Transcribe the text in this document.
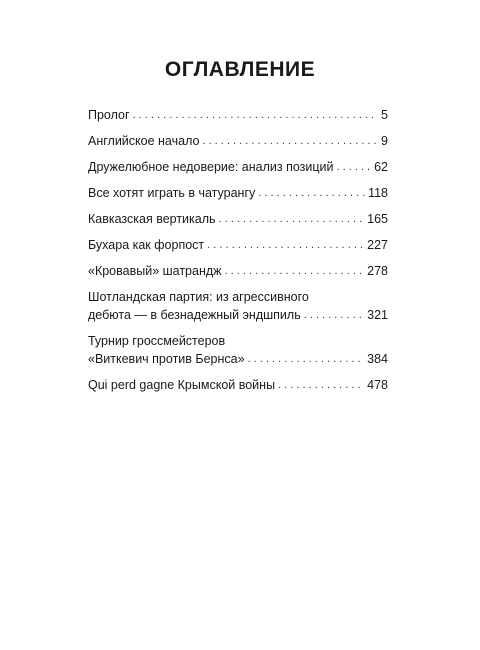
ОГЛАВЛЕНИЕ
Пролог . . .	5
Английское начало . . .	9
Дружелюбное недоверие: анализ позиций . . .	62
Все хотят играть в чатурангу . . .	118
Кавказская вертикаль . . .	165
Бухара как форпост . . .	227
«Кровавый» шатрандж . . .	278
Шотландская партия: из агрессивного
дебюта — в безнадежный эндшпиль . . .	321
Турнир гроссмейстеров
«Виткевич против Бернса» . . .	384
Qui perd gagne Крымской войны . . .	478
